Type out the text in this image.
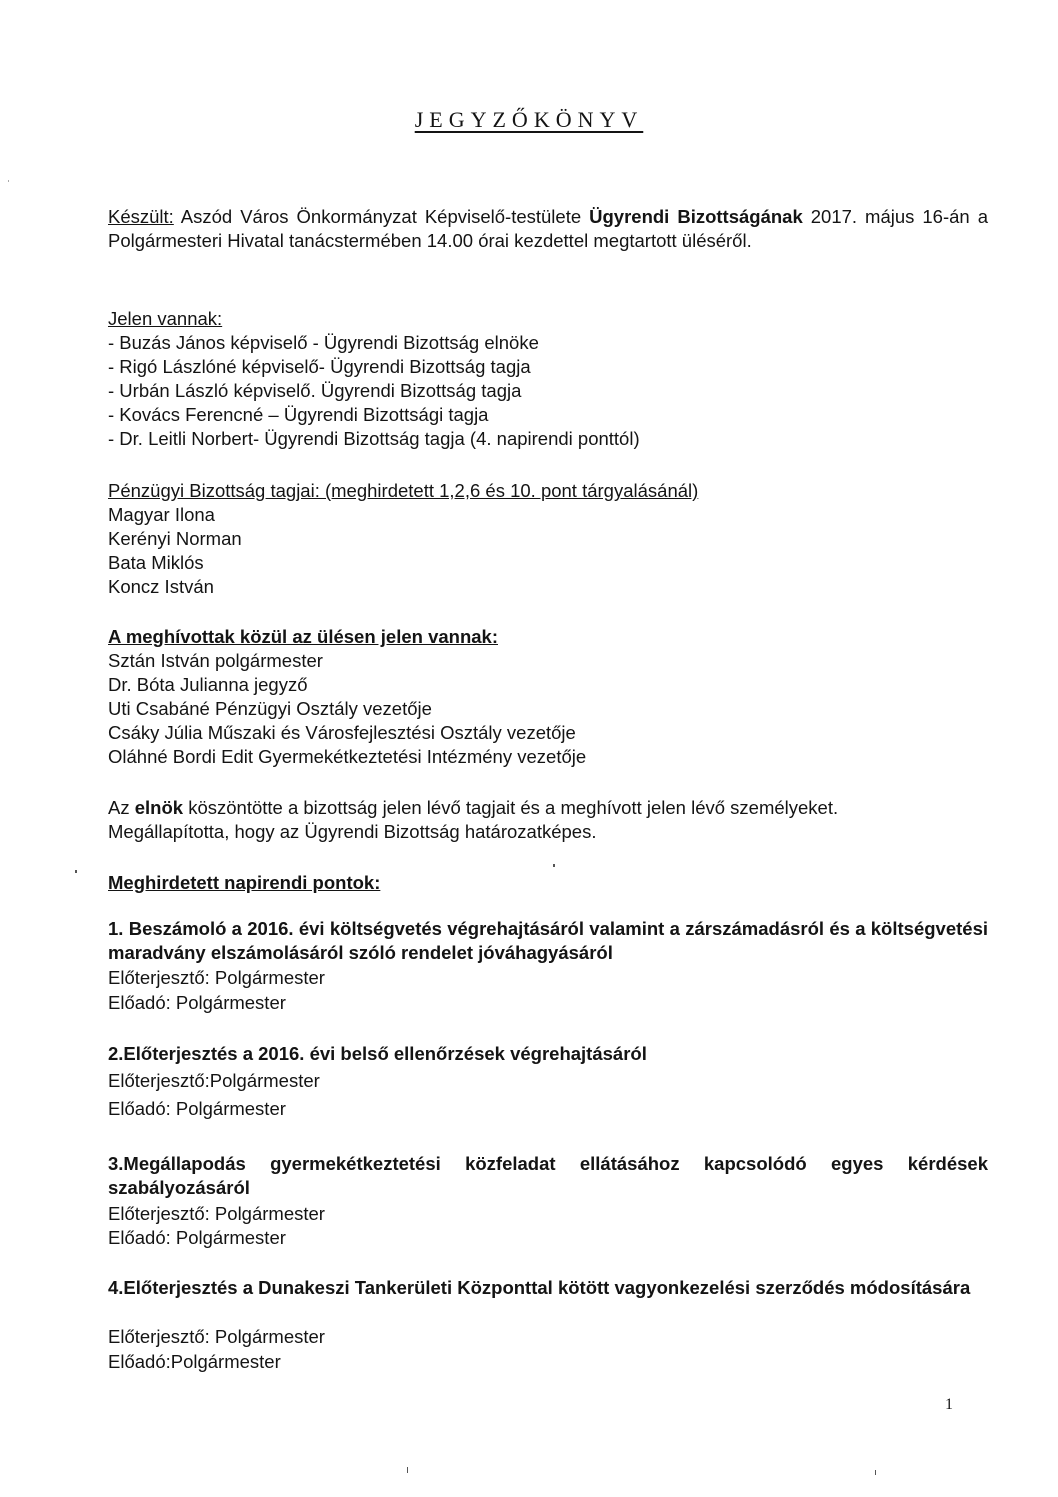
JEGYZŐKÖNYV
Készült: Aszód Város Önkormányzat Képviselő-testülete Ügyrendi Bizottságának 2017. május 16-án a Polgármesteri Hivatal tanácstermében 14.00 órai kezdettel megtartott üléséről.
Jelen vannak:
- Buzás János képviselő - Ügyrendi Bizottság elnöke
- Rigó Lászlóné képviselő- Ügyrendi Bizottság tagja
- Urbán László képviselő. Ügyrendi Bizottság tagja
- Kovács Ferencné – Ügyrendi Bizottsági tagja
- Dr. Leitli Norbert- Ügyrendi Bizottság tagja (4. napirendi ponttól)
Pénzügyi Bizottság tagjai: (meghirdetett 1,2,6 és 10. pont tárgyalásánál)
Magyar Ilona
Kerényi Norman
Bata Miklós
Koncz István
A meghívottak közül az ülésen jelen vannak:
Sztán István polgármester
Dr. Bóta Julianna jegyző
Uti Csabáné Pénzügyi Osztály vezetője
Csáky Júlia Műszaki és Városfejlesztési Osztály vezetője
Oláhné Bordi Edit Gyermekétkeztetési Intézmény vezetője
Az elnök köszöntötte a bizottság jelen lévő tagjait és a meghívott jelen lévő személyeket.
Megállapította, hogy az Ügyrendi Bizottság határozatképes.
Meghirdetett napirendi pontok:
1. Beszámoló a 2016. évi költségvetés végrehajtásáról valamint a zárszámadásról és a költségvetési maradvány elszámolásáról szóló rendelet jóváhagyásáról
Előterjesztő: Polgármester
Előadó: Polgármester
2.Előterjesztés a 2016. évi belső ellenőrzések végrehajtásáról
Előterjesztő:Polgármester
Előadó: Polgármester
3.Megállapodás gyermekétkeztetési közfeladat ellátásához kapcsolódó egyes kérdések szabályozásáról
Előterjesztő: Polgármester
Előadó: Polgármester
4.Előterjesztés a Dunakeszi Tankerületi Központtal kötött vagyonkezelési szerződés módosítására
Előterjesztő: Polgármester
Előadó:Polgármester
1
